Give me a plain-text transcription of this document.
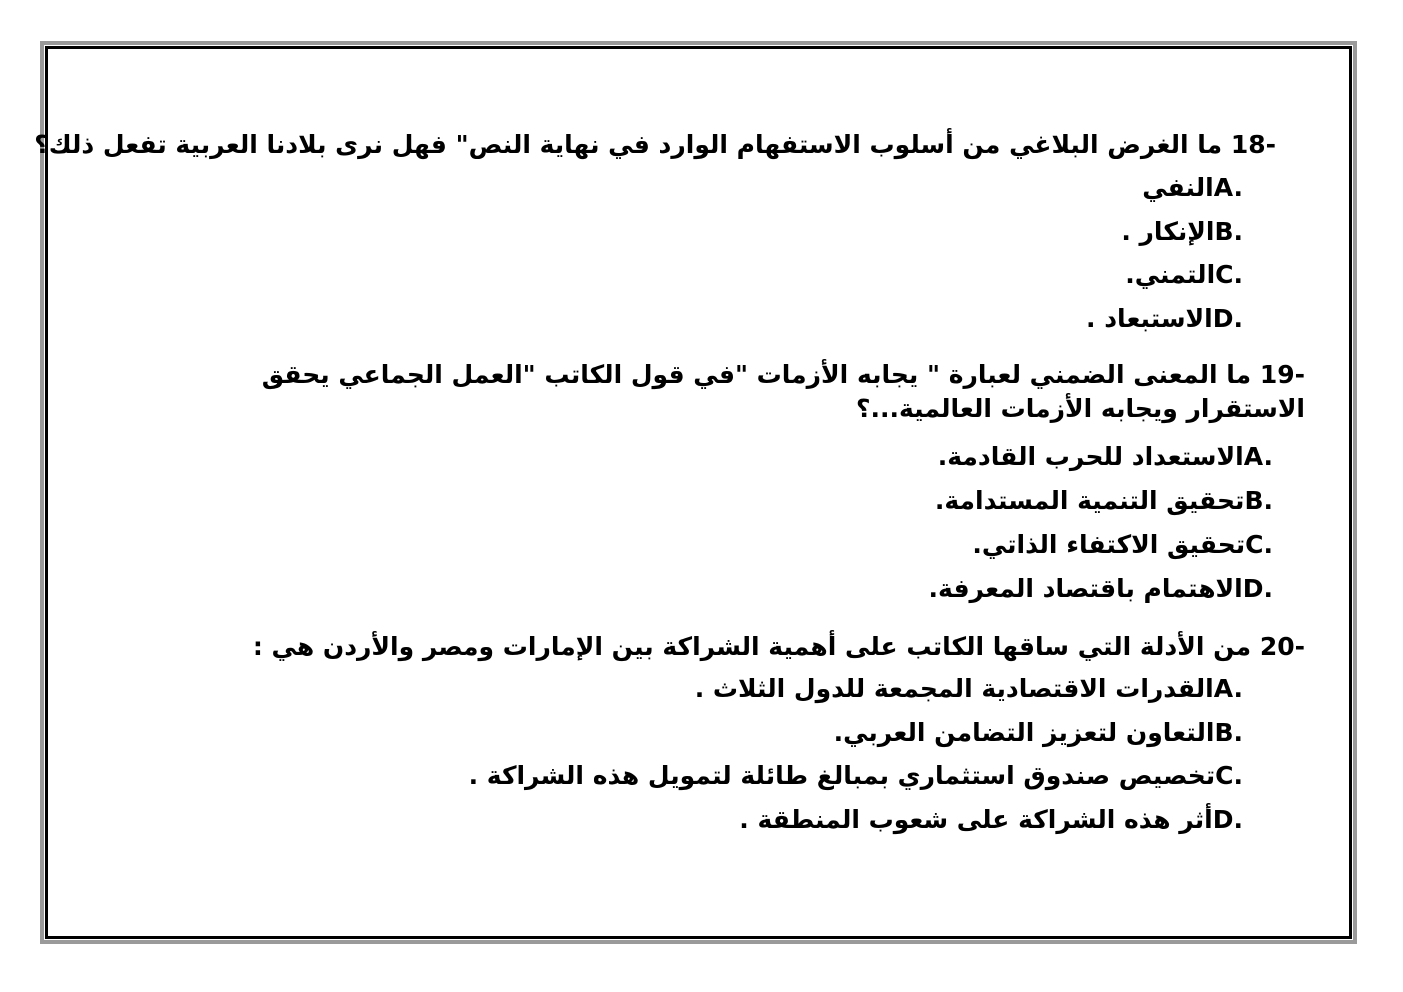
18- ما الغرض البلاغي من أسلوب الاستفهام الوارد في نهاية النص" فهل نرى بلادنا العربية تفعل ذلك؟
A.النفي
B.الإنكار .
C.التمني.
D.الاستبعاد .
19- ما المعنى الضمني لعبارة " يجابه الأزمات "في قول الكاتب "العمل الجماعي يحقق الاستقرار ويجابه الأزمات العالمية...؟
A.الاستعداد للحرب القادمة.
B.تحقيق التنمية المستدامة.
C.تحقيق الاكتفاء الذاتي.
D.الاهتمام باقتصاد المعرفة.
20- من الأدلة التي ساقها الكاتب على أهمية الشراكة بين الإمارات ومصر والأردن هي :
A.القدرات الاقتصادية المجمعة للدول الثلاث .
B.التعاون لتعزيز التضامن العربي.
C.تخصيص صندوق استثماري بمبالغ طائلة لتمويل هذه الشراكة .
D.أثر هذه الشراكة على شعوب المنطقة .
